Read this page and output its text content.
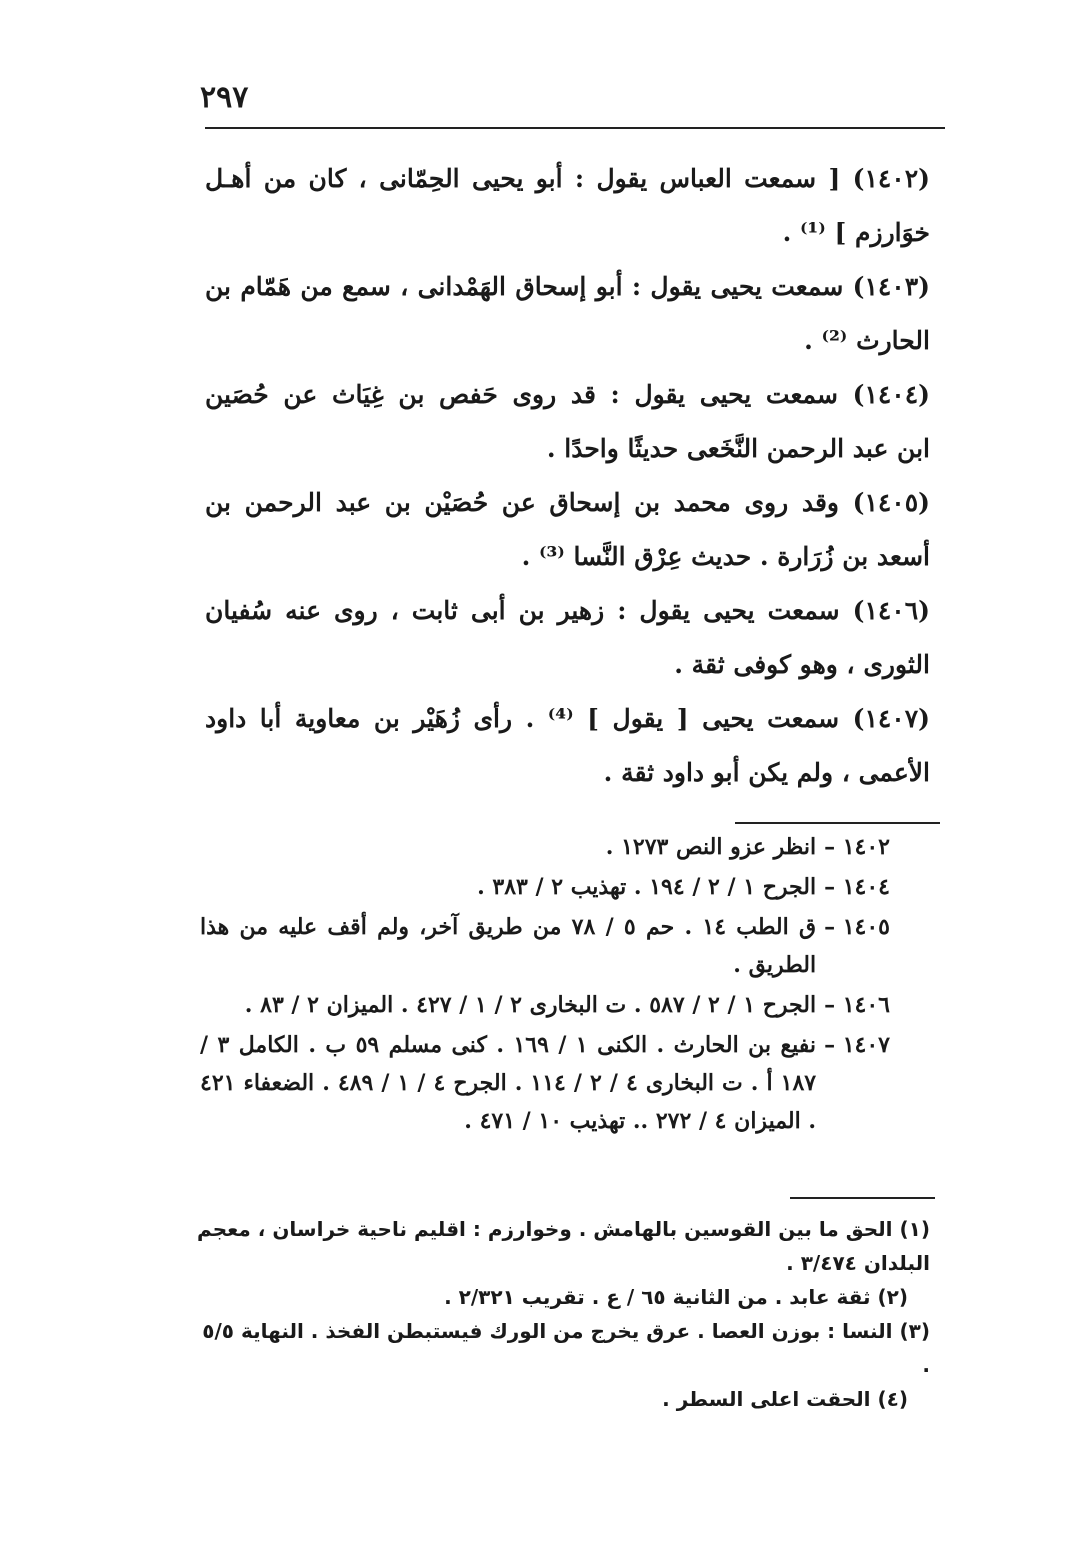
٢٩٧
(١٤٠٢) [ سمعت العباس يقول : أبو يحيى الحِمّانى ، كان من أهـل
خوَارزم ] ⁽¹⁾ .
(١٤٠٣) سمعت يحيى يقول : أبو إسحاق الهَمْدانى ، سمع من هَمّام بن
الحارث ⁽²⁾ .
(١٤٠٤) سمعت يحيى يقول : قد روى حَفص بن غِيَاث عن حُصَين
ابن عبد الرحمن النَّخَعى حديثًا واحدًا .
(١٤٠٥) وقد روى محمد بن إسحاق عن حُصَيْن بن عبد الرحمن بن
أسعد بن زُرَارة . حديث عِرْق النَّسا ⁽³⁾ .
(١٤٠٦) سمعت يحيى يقول : زهير بن أبى ثابت ، روى عنه سُفيان
الثورى ، وهو كوفى ثقة .
(١٤٠٧) سمعت يحيى [ يقول ] ⁽⁴⁾ . رأى زُهَيْر بن معاوية أبا داود
الأعمى ، ولم يكن أبو داود ثقة .
١٤٠٢ –
انظر عزو النص ١٢٧٣ .
١٤٠٤ –
الجرح ١ / ٢ / ١٩٤ . تهذيب ٢ / ٣٨٣ .
١٤٠٥ –
ق الطب ١٤ . حم ٥ / ٧٨ من طريق آخر، ولم أقف عليه من هذا الطريق .
١٤٠٦ –
الجرح ١ / ٢ / ٥٨٧ . ت البخارى ٢ / ١ / ٤٢٧ . الميزان ٢ / ٨٣ .
١٤٠٧ –
نفيع بن الحارث . الكنى ١ / ١٦٩ . كنى مسلم ٥٩ ب . الكامل ٣ / ١٨٧ أ . ت البخارى ٤ / ٢ / ١١٤ . الجرح ٤ / ١ / ٤٨٩ . الضعفاء ٤٢١ . الميزان ٤ / ٢٧٢ .. تهذيب ١٠ / ٤٧١ .

(١) الحق ما بين القوسين بالهامش . وخوارزم : اقليم ناحية خراسان ، معجم البلدان ٣/٤٧٤ .

(٢) ثقة عابد . من الثانية ٦٥ / ع . تقريب ٢/٣٢١ .

(٣) النسا : بوزن العصا . عرق يخرج من الورك فيستبطن الفخذ . النهاية ٥/٥ .

(٤) الحقت اعلى السطر .
